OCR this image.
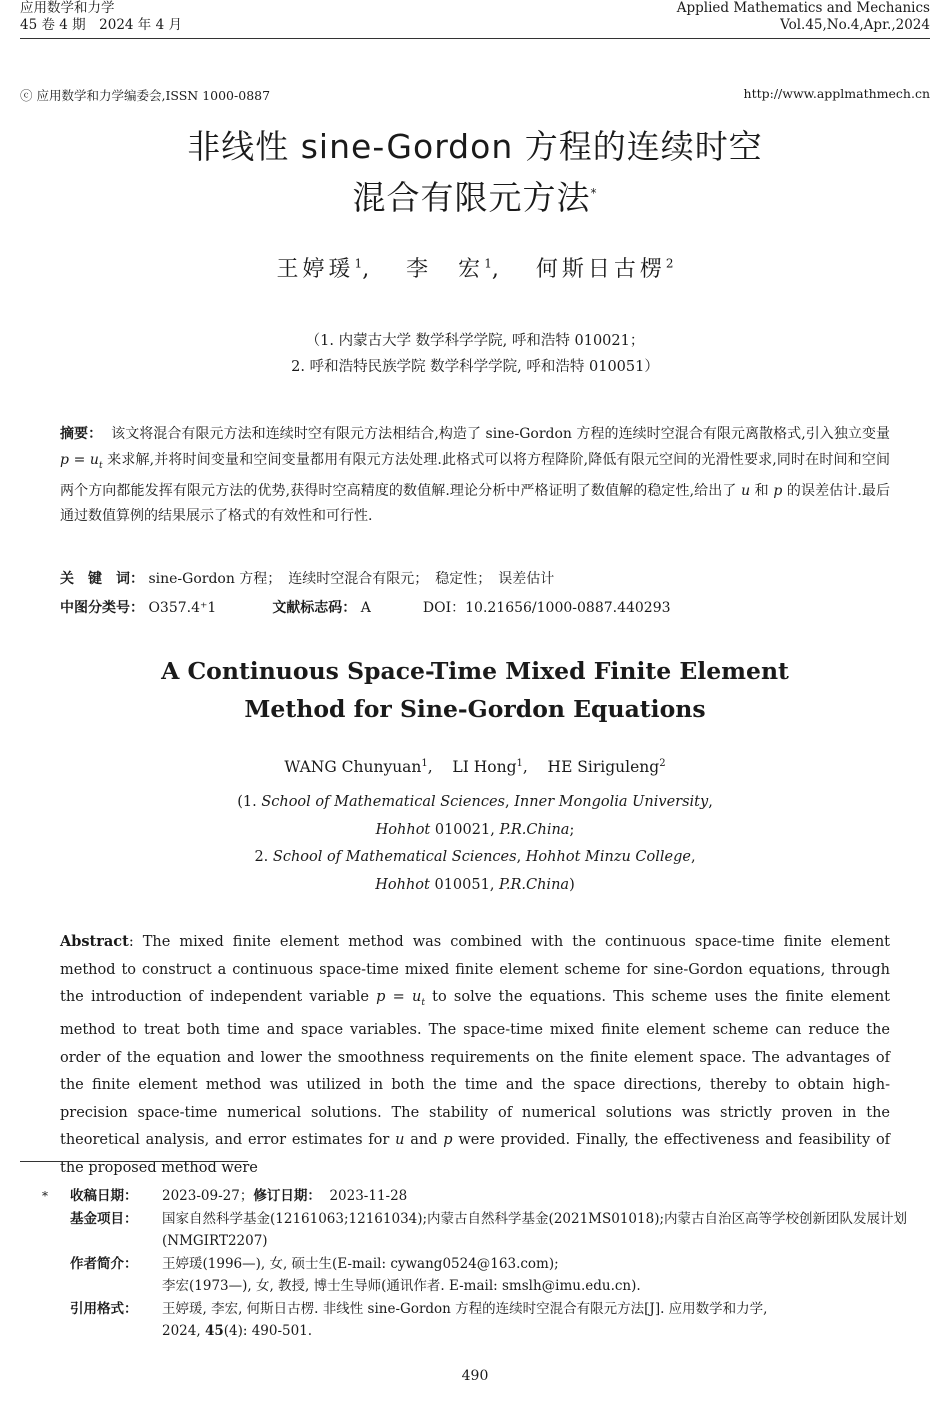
应用数学和力学
45 卷 4 期　2024 年 4 月
Applied Mathematics and Mechanics
Vol.45,No.4,Apr.,2024
ⓒ 应用数学和力学编委会,ISSN 1000-0887	http://www.applmathmech.cn
非线性 sine-Gordon 方程的连续时空
混合有限元方法*
王婷瑗$^1$,   李　宏$^1$,   何斯日古楞$^2$
（1. 内蒙古大学 数学科学学院, 呼和浩特 010021；
2. 呼和浩特民族学院 数学科学学院, 呼和浩特 010051）
摘要： 该文将混合有限元方法和连续时空有限元方法相结合,构造了 sine-Gordon 方程的连续时空混合有限元离散格式,引入独立变量 $p = u_t$ 来求解,并将时间变量和空间变量都用有限元方法处理.此格式可以将方程降阶,降低有限元空间的光滑性要求,同时在时间和空间两个方向都能发挥有限元方法的优势,获得时空高精度的数值解.理论分析中严格证明了数值解的稳定性,给出了 u 和 p 的误差估计.最后通过数值算例的结果展示了格式的有效性和可行性.
关　键　词： sine-Gordon 方程；　连续时空混合有限元；　稳定性；　误差估计
中图分类号： O357.4⁺1	文献标志码： A	DOI：10.21656/1000-0887.440293
A Continuous Space-Time Mixed Finite Element
Method for Sine-Gordon Equations
WANG Chunyuan$^1$,    LI Hong$^1$,    HE Siriguleng$^2$
(1. School of Mathematical Sciences, Inner Mongolia University,
Hohhot 010021, P.R.China;
2. School of Mathematical Sciences, Hohhot Minzu College,
Hohhot 010051, P.R.China)
Abstract: The mixed finite element method was combined with the continuous space-time finite element method to construct a continuous space-time mixed finite element scheme for sine-Gordon equations, through the introduction of independent variable $p = u_t$ to solve the equations. This scheme uses the finite element method to treat both time and space variables. The space-time mixed finite element scheme can reduce the order of the equation and lower the smoothness requirements on the finite element space. The advantages of the finite element method was utilized in both the time and the space directions, thereby to obtain high-precision space-time numerical solutions. The stability of numerical solutions was strictly proven in the theoretical analysis, and error estimates for u and p were provided. Finally, the effectiveness and feasibility of the proposed method were
*	收稿日期：	2023-09-27；修订日期： 2023-11-28
基金项目：	国家自然科学基金(12161063;12161034);内蒙古自然科学基金(2021MS01018);内蒙古自治区高等学校创新团队发展计划(NMGIRT2207)
作者简介：	王婷瑗(1996—), 女, 硕士生(E-mail: cywang0524@163.com);
李宏(1973—), 女, 教授, 博士生导师(通讯作者. E-mail: smslh@imu.edu.cn).
引用格式：	王婷瑗, 李宏, 何斯日古楞. 非线性 sine-Gordon 方程的连续时空混合有限元方法[J]. 应用数学和力学,
2024, 45(4): 490-501.
490
